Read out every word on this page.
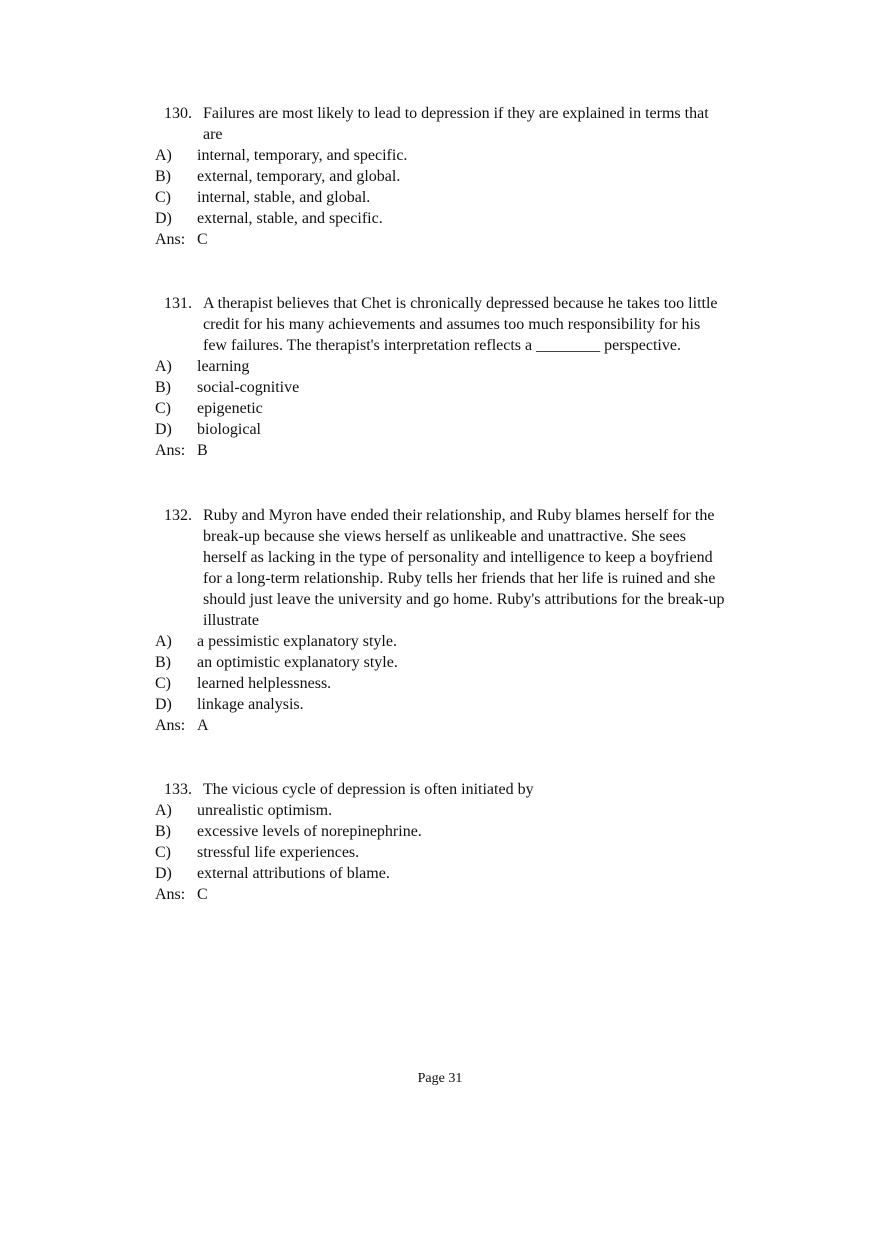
130. Failures are most likely to lead to depression if they are explained in terms that
are
A) internal, temporary, and specific.
B) external, temporary, and global.
C) internal, stable, and global.
D) external, stable, and specific.
Ans: C
131. A therapist believes that Chet is chronically depressed because he takes too little
credit for his many achievements and assumes too much responsibility for his
few failures. The therapist's interpretation reflects a ________ perspective.
A) learning
B) social-cognitive
C) epigenetic
D) biological
Ans: B
132. Ruby and Myron have ended their relationship, and Ruby blames herself for the
break-up because she views herself as unlikeable and unattractive. She sees
herself as lacking in the type of personality and intelligence to keep a boyfriend
for a long-term relationship. Ruby tells her friends that her life is ruined and she
should just leave the university and go home. Ruby's attributions for the break-up
illustrate
A) a pessimistic explanatory style.
B) an optimistic explanatory style.
C) learned helplessness.
D) linkage analysis.
Ans: A
133. The vicious cycle of depression is often initiated by
A) unrealistic optimism.
B) excessive levels of norepinephrine.
C) stressful life experiences.
D) external attributions of blame.
Ans: C
Page 31
